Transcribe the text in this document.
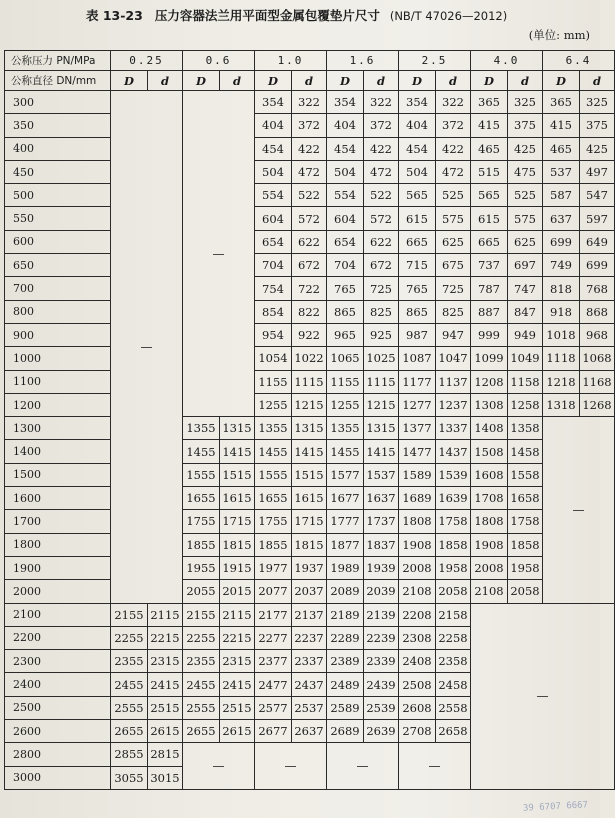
表 13-23 压力容器法兰用平面型金属包覆垫片尺寸 (NB/T 47026—2012)
(单位: mm)
公称压力 PN/MPa	0.25		0.6		1.0		1.6		2.5		4.0		6.4	
公称直径 DN/mm	D	d	D	d	D	d	D	d	D	d	D	d	D	d
300	—		—		354	322	354	322	354	322	365	325	365	325
350					404	372	404	372	404	372	415	375	415	375
400					454	422	454	422	454	422	465	425	465	425
450					504	472	504	472	504	472	515	475	537	497
500					554	522	554	522	565	525	565	525	587	547
550					604	572	604	572	615	575	615	575	637	597
600					654	622	654	622	665	625	665	625	699	649
650					704	672	704	672	715	675	737	697	749	699
700					754	722	765	725	765	725	787	747	818	768
800					854	822	865	825	865	825	887	847	918	868
900					954	922	965	925	987	947	999	949	1018	968
1000					1054	1022	1065	1025	1087	1047	1099	1049	1118	1068
1100					1155	1115	1155	1115	1177	1137	1208	1158	1218	1168
1200					1255	1215	1255	1215	1277	1237	1308	1258	1318	1268
1300			1355	1315	1355	1315	1355	1315	1377	1337	1408	1358	—	
1400			1455	1415	1455	1415	1455	1415	1477	1437	1508	1458		
1500			1555	1515	1555	1515	1577	1537	1589	1539	1608	1558		
1600			1655	1615	1655	1615	1677	1637	1689	1639	1708	1658		
1700			1755	1715	1755	1715	1777	1737	1808	1758	1808	1758		
1800			1855	1815	1855	1815	1877	1837	1908	1858	1908	1858		
1900			1955	1915	1977	1937	1989	1939	2008	1958	2008	1958		
2000			2055	2015	2077	2037	2089	2039	2108	2058	2108	2058		
2100	2155	2115	2155	2115	2177	2137	2189	2139	2208	2158	—			
2200	2255	2215	2255	2215	2277	2237	2289	2239	2308	2258				
2300	2355	2315	2355	2315	2377	2337	2389	2339	2408	2358				
2400	2455	2415	2455	2415	2477	2437	2489	2439	2508	2458				
2500	2555	2515	2555	2515	2577	2537	2589	2539	2608	2558				
2600	2655	2615	2655	2615	2677	2637	2689	2639	2708	2658				
2800	2855	2815	—		—		—		—					
3000	3055	3015												
39 6707 6667
